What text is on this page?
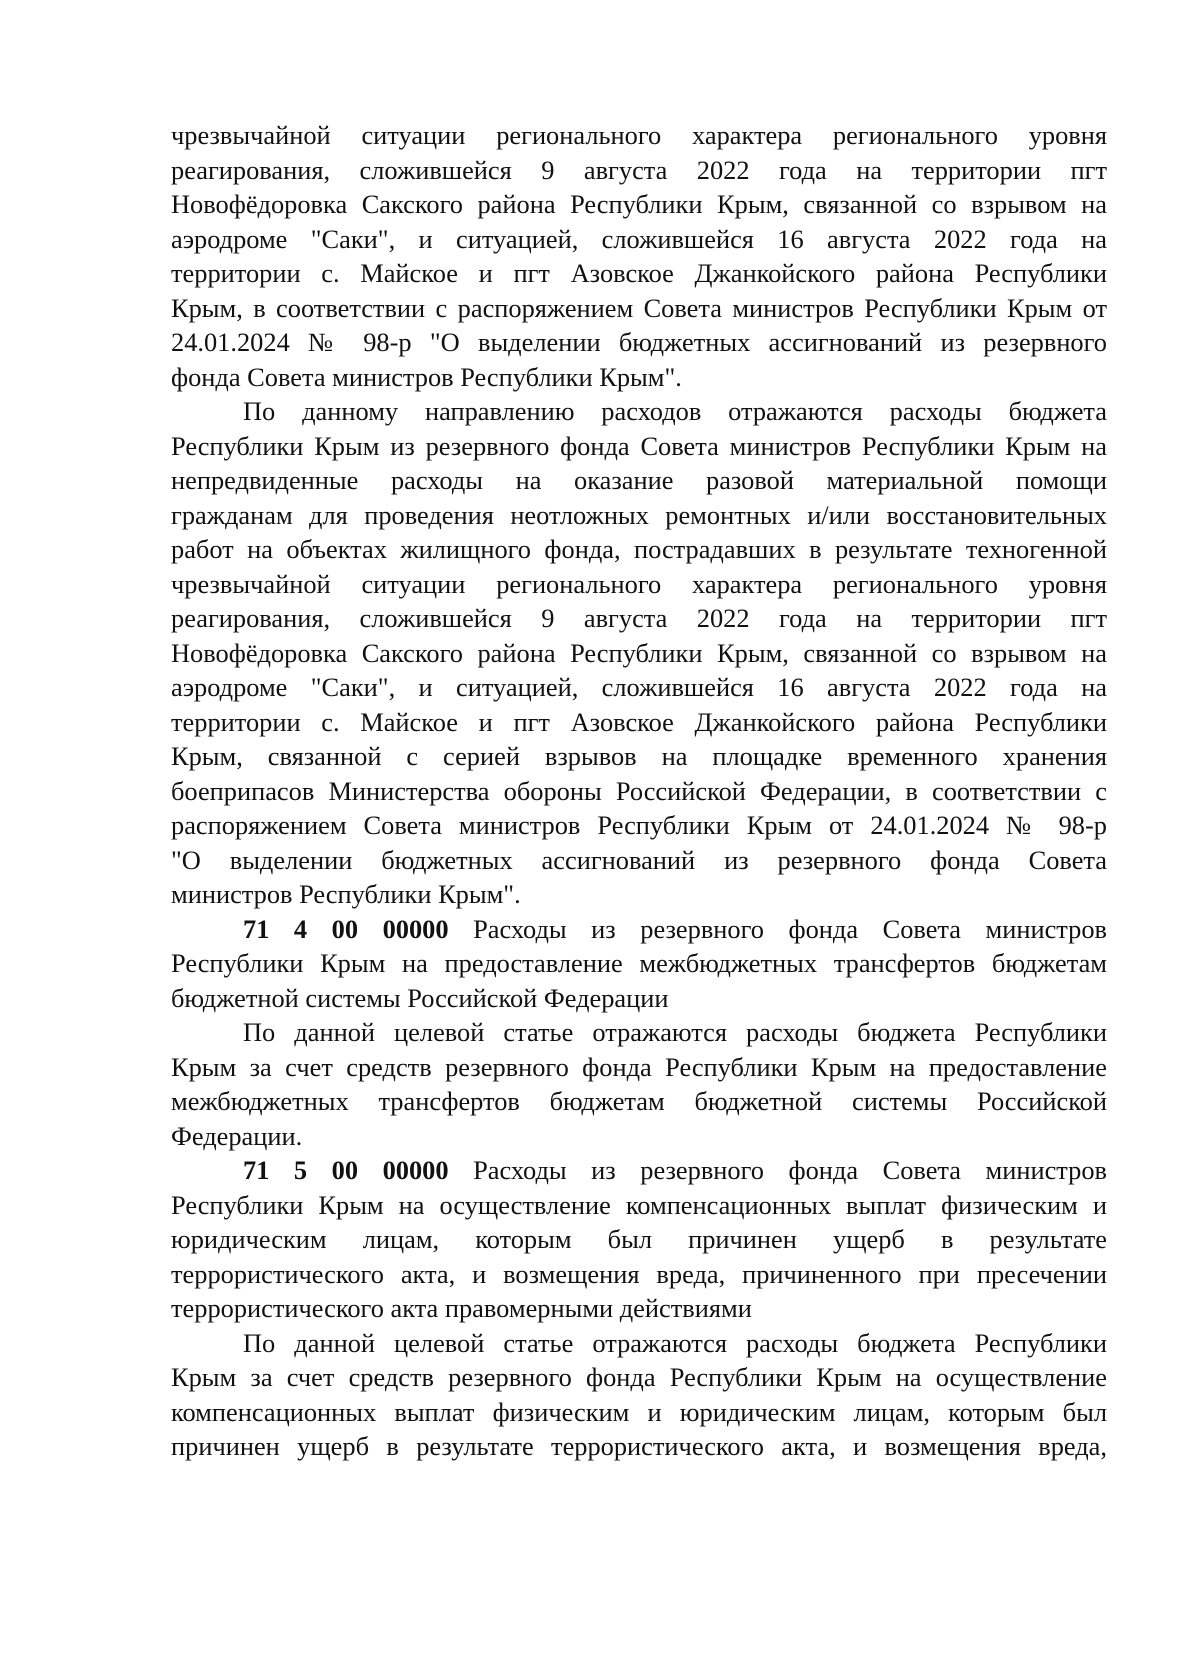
чрезвычайной ситуации регионального характера регионального уровня
реагирования, сложившейся 9 августа 2022 года на территории пгт
Новофёдоровка Сакского района Республики Крым, связанной со взрывом на
аэродроме "Саки", и ситуацией, сложившейся 16 августа 2022 года на
территории с. Майское и пгт Азовское Джанкойского района Республики
Крым, в соответствии с распоряжением Совета министров Республики Крым от
24.01.2024 № 98-р "О выделении бюджетных ассигнований из резервного
фонда Совета министров Республики Крым".
По данному направлению расходов отражаются расходы бюджета
Республики Крым из резервного фонда Совета министров Республики Крым на
непредвиденные расходы на оказание разовой материальной помощи
гражданам для проведения неотложных ремонтных и/или восстановительных
работ на объектах жилищного фонда, пострадавших в результате техногенной
чрезвычайной ситуации регионального характера регионального уровня
реагирования, сложившейся 9 августа 2022 года на территории пгт
Новофёдоровка Сакского района Республики Крым, связанной со взрывом на
аэродроме "Саки", и ситуацией, сложившейся 16 августа 2022 года на
территории с. Майское и пгт Азовское Джанкойского района Республики
Крым, связанной с серией взрывов на площадке временного хранения
боеприпасов Министерства обороны Российской Федерации, в соответствии с
распоряжением Совета министров Республики Крым от 24.01.2024 № 98-р
"О выделении бюджетных ассигнований из резервного фонда Совета
министров Республики Крым".
71 4 00 00000 Расходы из резервного фонда Совета министров
Республики Крым на предоставление межбюджетных трансфертов бюджетам
бюджетной системы Российской Федерации
По данной целевой статье отражаются расходы бюджета Республики
Крым за счет средств резервного фонда Республики Крым на предоставление
межбюджетных трансфертов бюджетам бюджетной системы Российской
Федерации.
71 5 00 00000 Расходы из резервного фонда Совета министров
Республики Крым на осуществление компенсационных выплат физическим и
юридическим лицам, которым был причинен ущерб в результате
террористического акта, и возмещения вреда, причиненного при пресечении
террористического акта правомерными действиями
По данной целевой статье отражаются расходы бюджета Республики
Крым за счет средств резервного фонда Республики Крым на осуществление
компенсационных выплат физическим и юридическим лицам, которым был
причинен ущерб в результате террористического акта, и возмещения вреда,
